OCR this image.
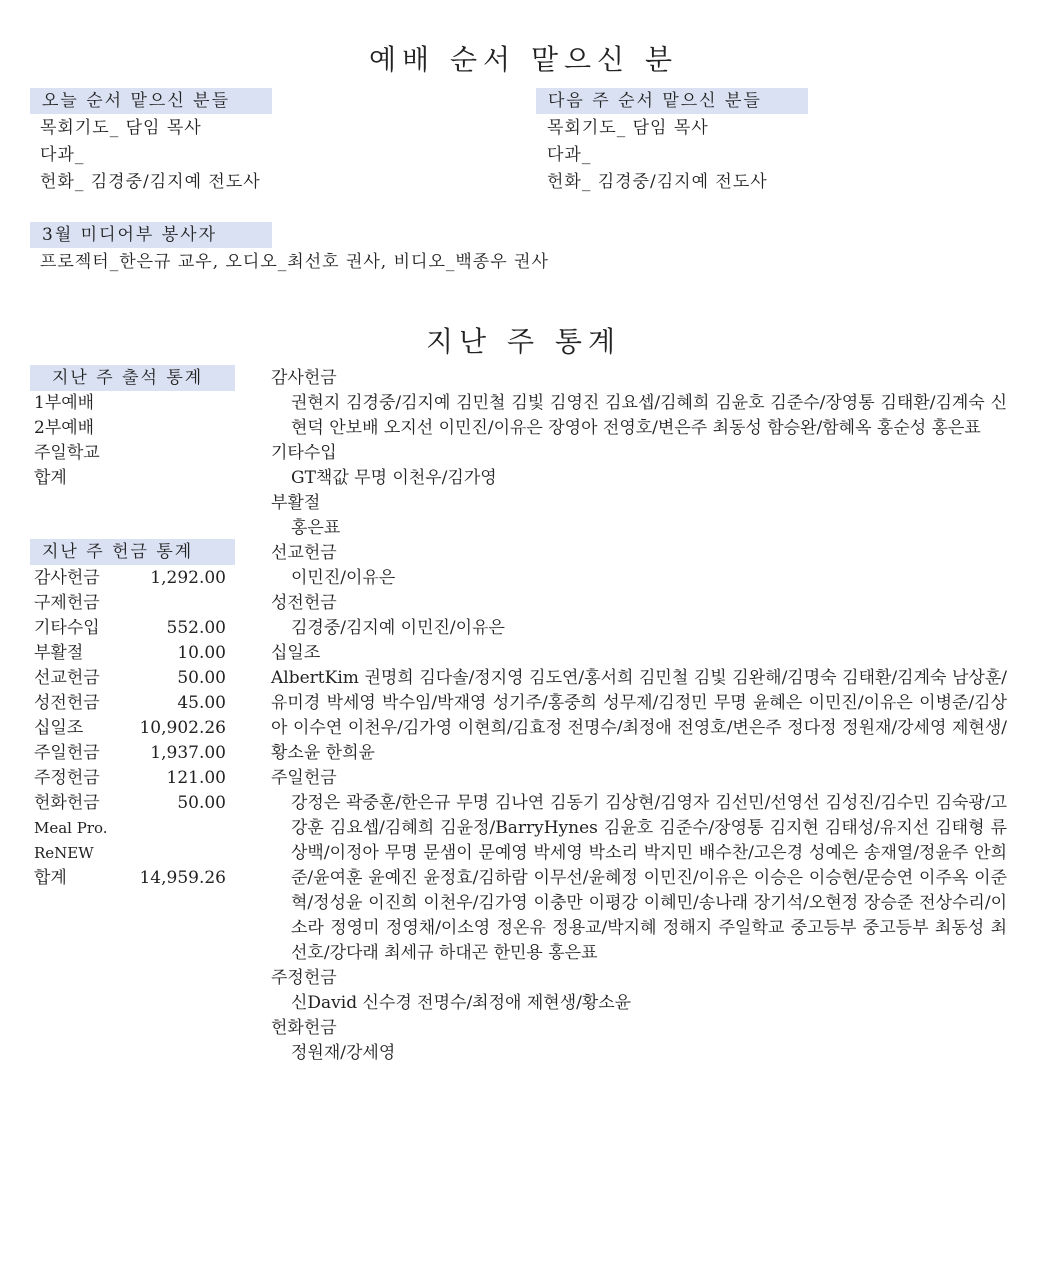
예배 순서 맡으신 분
오늘 순서 맡으신 분들
목회기도_ 담임 목사
다과_
헌화_ 김경중/김지예 전도사
다음 주 순서 맡으신 분들
목회기도_ 담임 목사
다과_
헌화_ 김경중/김지예 전도사
3월 미디어부 봉사자
프로젝터_한은규 교우, 오디오_최선호 권사, 비디오_백종우 권사
지난 주 통계
지난 주 출석 통계
1부예배
2부예배
주일학교
합계
지난 주 헌금 통계
감사헌금	1,292.00
구제헌금
기타수입	552.00
부활절	10.00
선교헌금	50.00
성전헌금	45.00
십일조	10,902.26
주일헌금	1,937.00
주정헌금	121.00
헌화헌금	50.00
Meal Pro.
ReNEW
합계	14,959.26
감사헌금
권현지 김경중/김지예 김민철 김빛 김영진 김요셉/김혜희 김윤호 김준수/장영통 김태환/김계숙 신현덕 안보배 오지선 이민진/이유은 장영아 전영호/변은주 최동성 함승완/함혜옥 홍순성 홍은표
기타수입
GT책값 무명 이천우/김가영
부활절
홍은표
선교헌금
이민진/이유은
성전헌금
김경중/김지예 이민진/이유은
십일조
AlbertKim 권명희 김다솔/정지영 김도연/홍서희 김민철 김빛 김완해/김명숙 김태환/김계숙 남상훈/유미경 박세영 박수임/박재영 성기주/홍중희 성무제/김정민 무명 윤혜은 이민진/이유은 이병준/김상아 이수연 이천우/김가영 이현희/김효정 전명수/최정애 전영호/변은주 정다정 정원재/강세영 제현생/황소윤 한희윤
주일헌금
강정은 곽중훈/한은규 무명 김나연 김동기 김상현/김영자 김선민/선영선 김성진/김수민 김숙광/고강훈 김요셉/김혜희 김윤정/BarryHynes 김윤호 김준수/장영통 김지현 김태성/유지선 김태형 류상백/이정아 무명 문샘이 문예영 박세영 박소리 박지민 배수찬/고은경 성예은 송재열/정윤주 안희준/윤여훈 윤예진 윤정효/김하람 이무선/윤혜정 이민진/이유은 이승은 이승현/문승연 이주옥 이준혁/정성윤 이진희 이천우/김가영 이충만 이평강 이혜민/송나래 장기석/오현정 장승준 전상수리/이소라 정영미 정영채/이소영 정온유 정용교/박지혜 정해지 주일학교 중고등부 중고등부 최동성 최선호/강다래 최세규 하대곤 한민용 홍은표
주정헌금
신David 신수경 전명수/최정애 제현생/황소윤
헌화헌금
정원재/강세영
